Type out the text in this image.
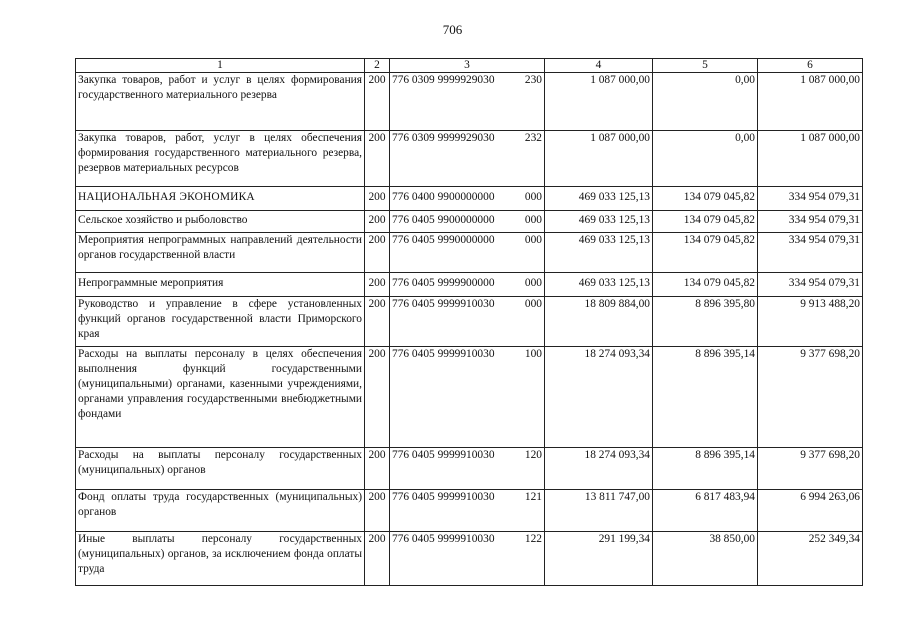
706
1	2	3	4	5	6
Закупка товаров, работ и услуг в целях формирования государственного материального резерва	200	776 0309 9999929030 230	1 087 000,00	0,00	1 087 000,00
Закупка товаров, работ, услуг в целях обеспечения формирования государственного материального резерва, резервов материальных ресурсов	200	776 0309 9999929030 232	1 087 000,00	0,00	1 087 000,00
НАЦИОНАЛЬНАЯ ЭКОНОМИКА	200	776 0400 9900000000 000	469 033 125,13	134 079 045,82	334 954 079,31
Сельское хозяйство и рыболовство	200	776 0405 9900000000 000	469 033 125,13	134 079 045,82	334 954 079,31
Мероприятия непрограммных направлений деятельности органов государственной власти	200	776 0405 9990000000 000	469 033 125,13	134 079 045,82	334 954 079,31
Непрограммные мероприятия	200	776 0405 9999900000 000	469 033 125,13	134 079 045,82	334 954 079,31
Руководство и управление в сфере установленных функций органов государственной власти Приморского края	200	776 0405 9999910030 000	18 809 884,00	8 896 395,80	9 913 488,20
Расходы на выплаты персоналу в целях обеспечения выполнения функций государственными (муниципальными) органами, казенными учреждениями, органами управления государственными внебюджетными фондами	200	776 0405 9999910030 100	18 274 093,34	8 896 395,14	9 377 698,20
Расходы на выплаты персоналу государственных (муниципальных) органов	200	776 0405 9999910030 120	18 274 093,34	8 896 395,14	9 377 698,20
Фонд оплаты труда государственных (муниципальных) органов	200	776 0405 9999910030 121	13 811 747,00	6 817 483,94	6 994 263,06
Иные выплаты персоналу государственных (муниципальных) органов, за исключением фонда оплаты труда	200	776 0405 9999910030 122	291 199,34	38 850,00	252 349,34
